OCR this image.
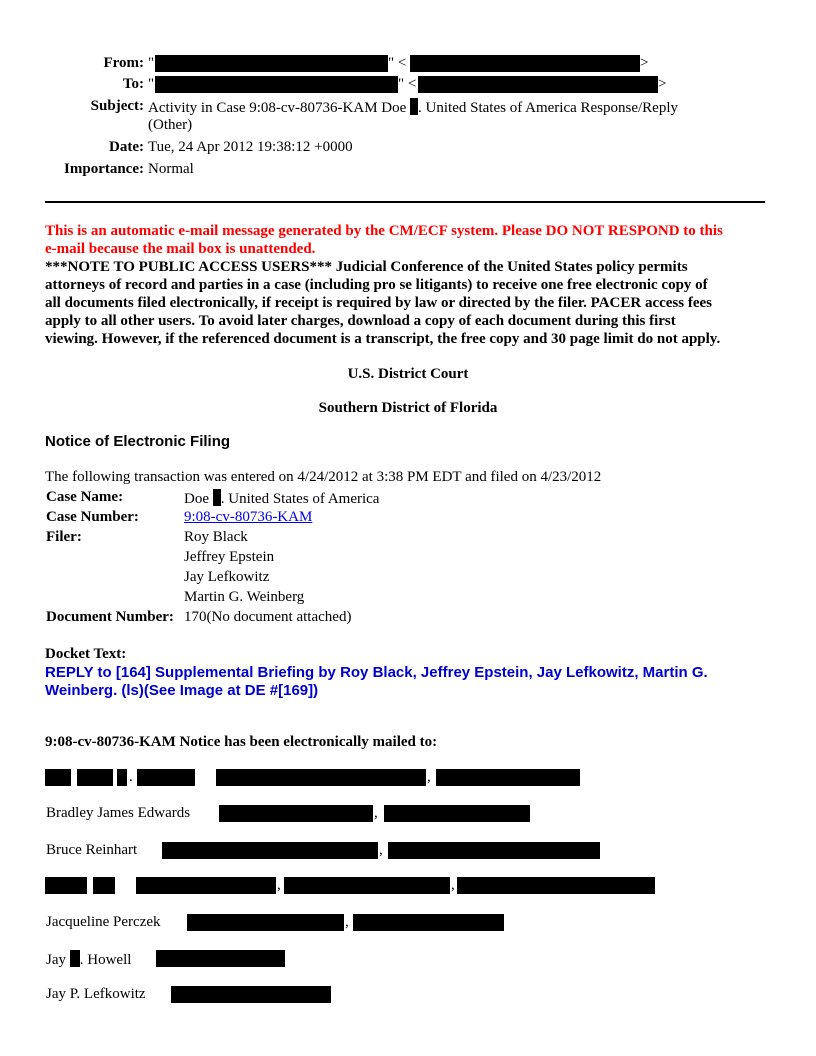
From: "	" <	>
To: "	" <	>
Subject: Activity in Case 9:08-cv-80736-KAM Doe . United States of America Response/Reply
(Other)
Date: Tue, 24 Apr 2012 19:38:12 +0000
Importance: Normal
This is an automatic e-mail message generated by the CM/ECF system. Please DO NOT RESPOND to this
e-mail because the mail box is unattended.
***NOTE TO PUBLIC ACCESS USERS*** Judicial Conference of the United States policy permits
attorneys of record and parties in a case (including pro se litigants) to receive one free electronic copy of
all documents filed electronically, if receipt is required by law or directed by the filer. PACER access fees
apply to all other users. To avoid later charges, download a copy of each document during this first
viewing. However, if the referenced document is a transcript, the free copy and 30 page limit do not apply.
U.S. District Court
Southern District of Florida
Notice of Electronic Filing
The following transaction was entered on 4/24/2012 at 3:38 PM EDT and filed on 4/23/2012
Case Name:	Doe . United States of America
Case Number:	9:08-cv-80736-KAM
Filer:	Roy Black
Jeffrey Epstein
Jay Lefkowitz
Martin G. Weinberg
Document Number: 170(No document attached)
Docket Text:
REPLY to [164] Supplemental Briefing by Roy Black, Jeffrey Epstein, Jay Lefkowitz, Martin G.
Weinberg. (ls)(See Image at DE #[169])
9:08-cv-80736-KAM Notice has been electronically mailed to:
.	,
Bradley James Edwards	,
Bruce Reinhart	,
,	,
Jacqueline Perczek	,
Jay . Howell
Jay P. Lefkowitz
